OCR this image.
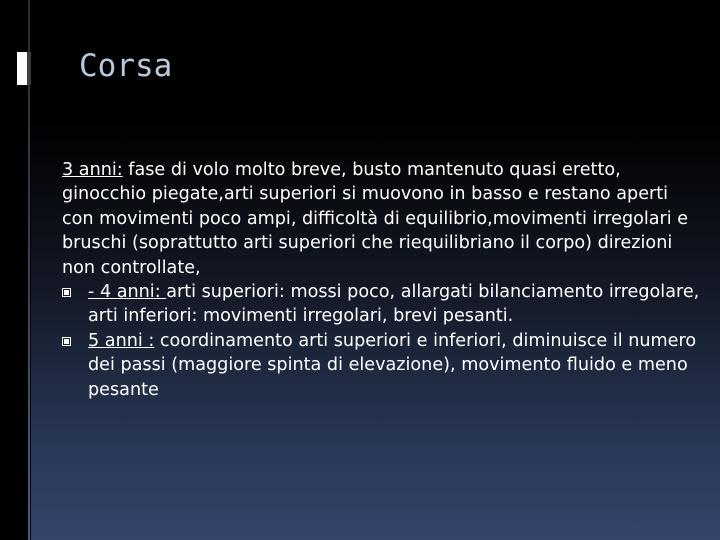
Corsa

3 anni: fase di volo molto breve, busto mantenuto quasi eretto, ginocchio piegate,arti superiori si muovono in basso e restano aperti con movimenti poco ampi, difficoltà di equilibrio,movimenti irregolari e bruschi (soprattutto arti superiori che riequilibriano il corpo) direzioni non controllate,

- 4 anni: arti superiori: mossi poco, allargati bilanciamento irregolare, arti inferiori: movimenti irregolari, brevi pesanti.
5 anni : coordinamento arti superiori e inferiori, diminuisce il numero dei passi (maggiore spinta di elevazione), movimento fluido e meno pesante
